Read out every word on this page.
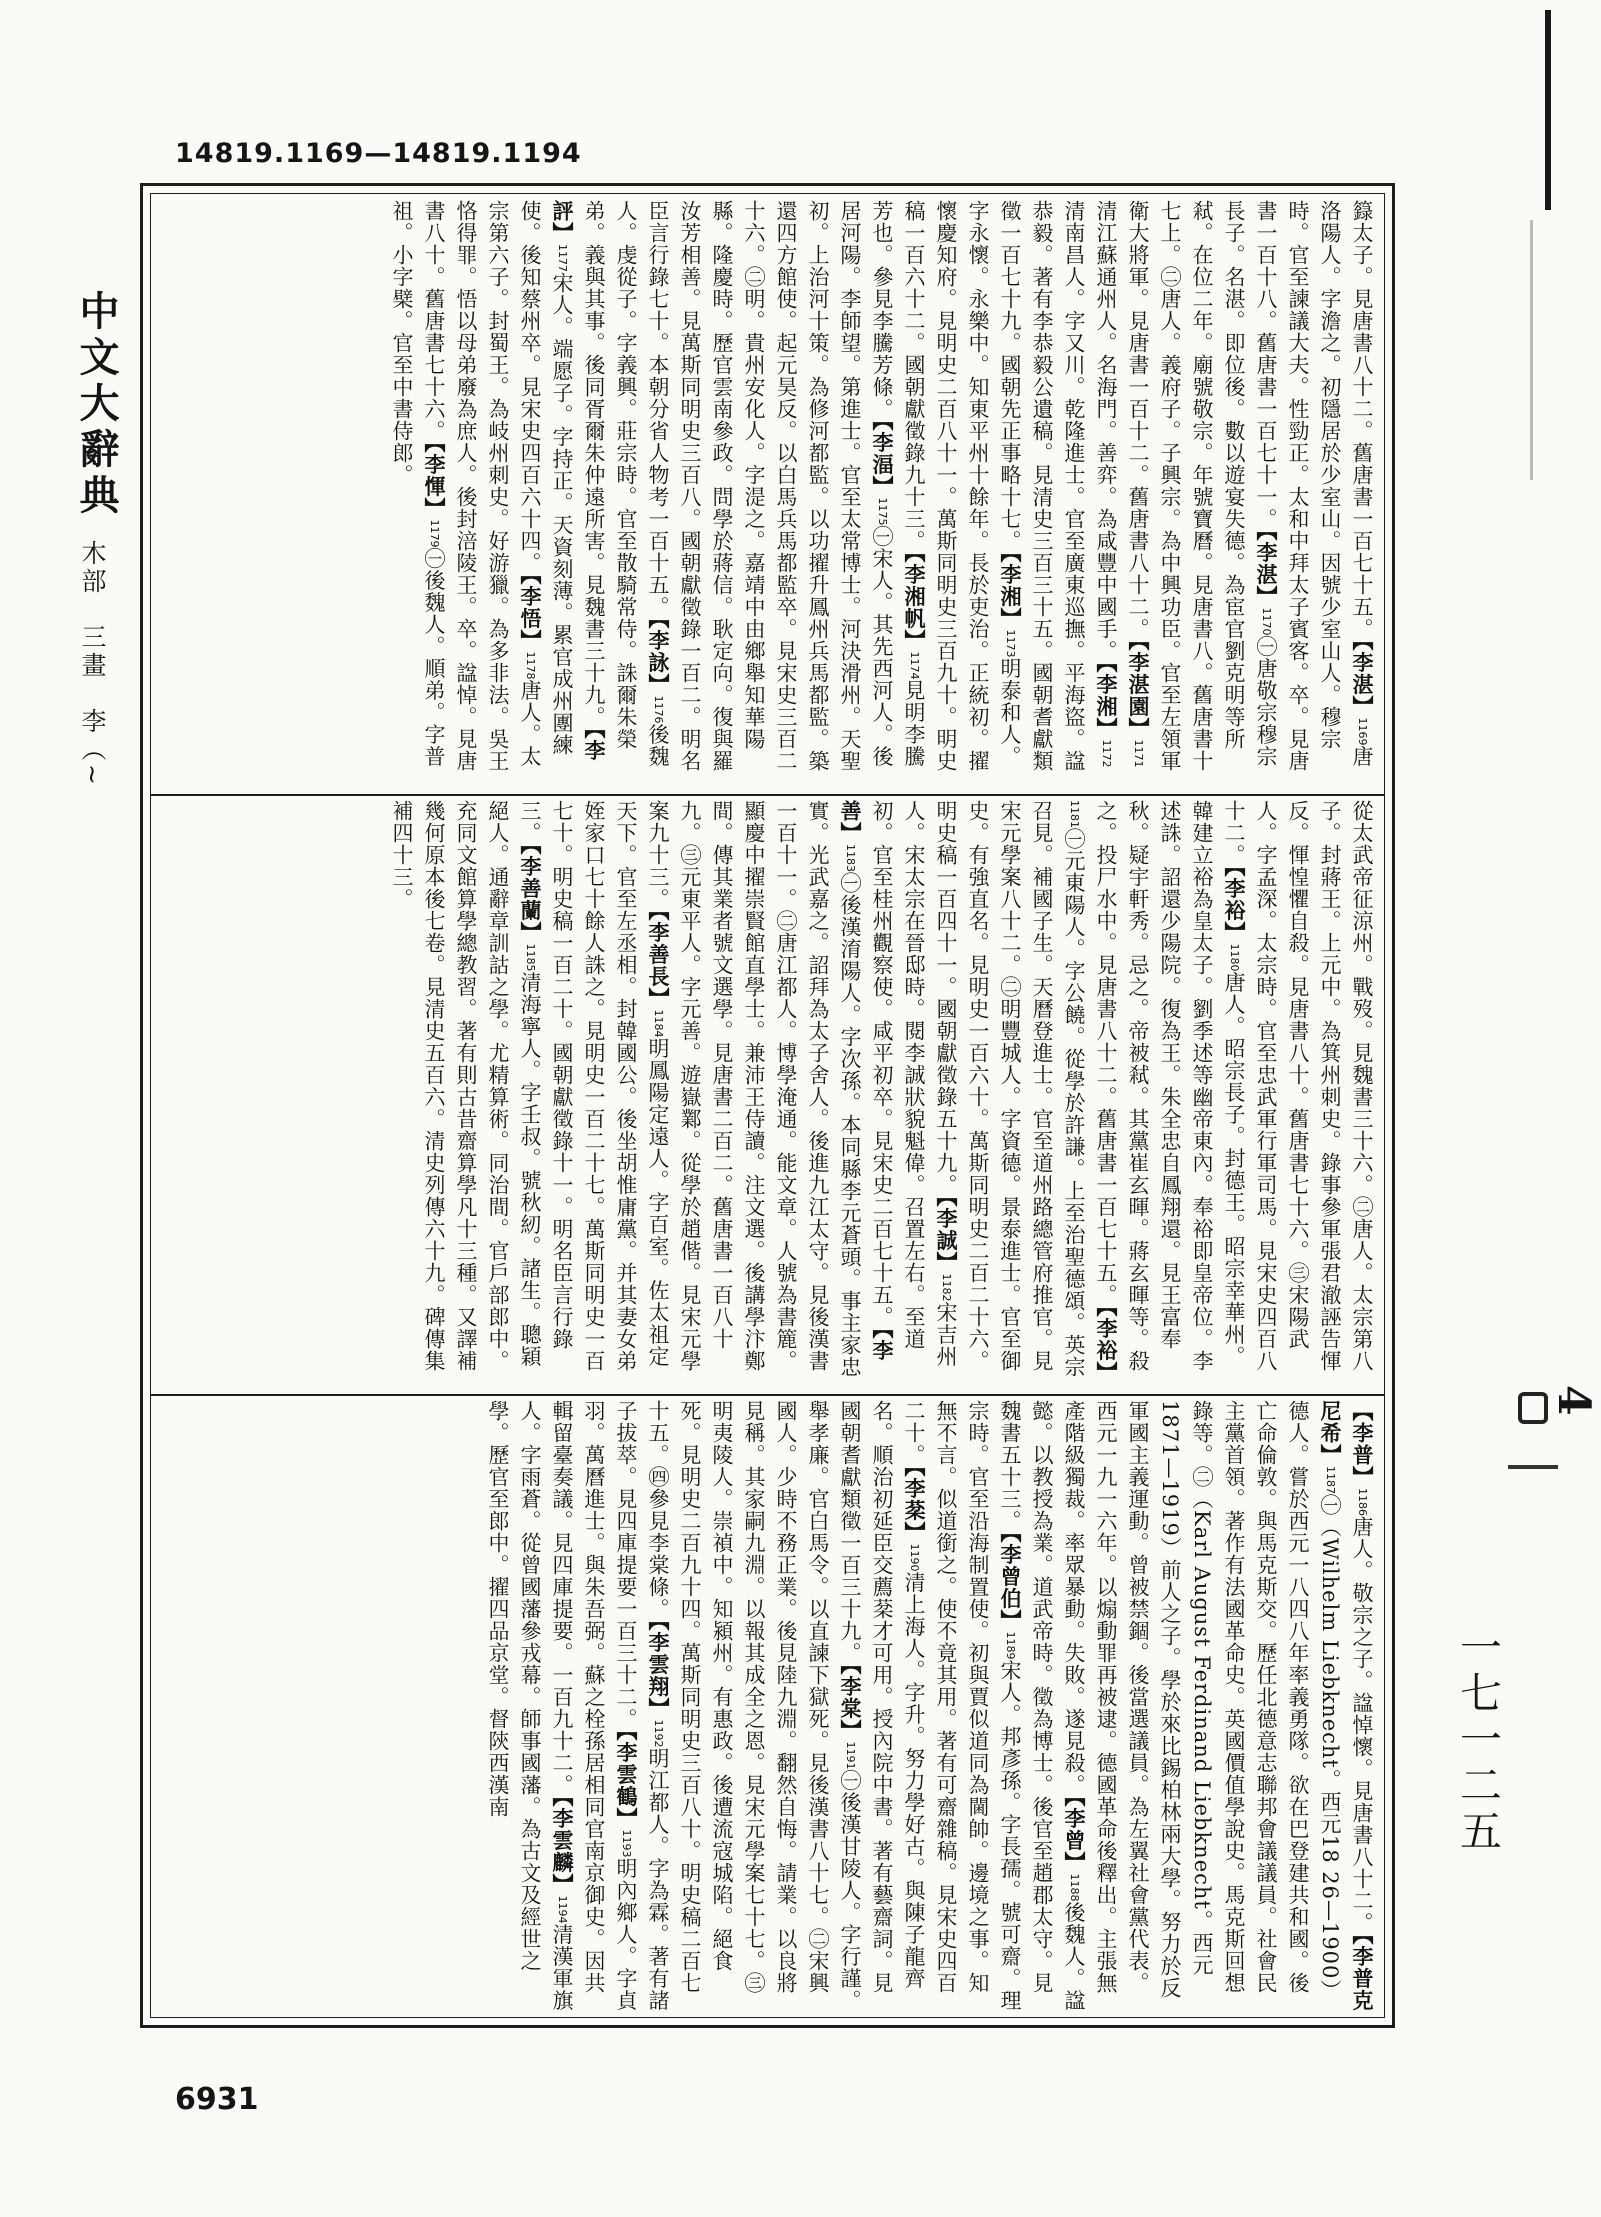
14819.1169—14819.1194
中文大辭典
木部　三畫　李（∼
一七一二五
4
籙太子。見唐書八十二。舊唐書一百七十五。【李湛】1169唐洛陽人。字澹之。初隱居於少室山。因號少室山人。穆宗時。官至諫議大夫。性勁正。太和中拜太子賓客。卒。見唐書一百十八。舊唐書一百七十一。【李湛】1170㊀唐敬宗穆宗長子。名湛。即位後。數以遊宴失德。為宦官劉克明等所弒。在位二年。廟號敬宗。年號寶曆。見唐書八。舊唐書十七上。㊁唐人。義府子。子興宗。為中興功臣。官至左領軍衛大將軍。見唐書一百十二。舊唐書八十二。【李湛園】1171清江蘇通州人。名海門。善弈。為咸豐中國手。【李湘】1172清南昌人。字又川。乾隆進士。官至廣東巡撫。平海盜。諡恭毅。著有李恭毅公遺稿。見清史三百三十五。國朝耆獻類徵一百七十九。國朝先正事略十七。【李湘】1173明泰和人。字永懷。永樂中。知東平州十餘年。長於吏治。正統初。擢懷慶知府。見明史二百八十一。萬斯同明史三百九十。明史稿一百六十二。國朝獻徵錄九十三。【李湘帆】1174見明李騰芳也。參見李騰芳條。【李湢】1175㊀宋人。其先西河人。後居河陽。李師望。第進士。官至太常博士。河決滑州。天聖初。上治河十策。為修河都監。以功擢升鳳州兵馬都監。築還四方館使。起元昊反。以白馬兵馬都監卒。見宋史三百二十六。㊁明。貴州安化人。字湜之。嘉靖中由鄉舉知華陽縣。隆慶時。歷官雲南參政。問學於蔣信。耿定向。復與羅汝芳相善。見萬斯同明史三百八。國朝獻徵錄一百二。明名臣言行錄七十。本朝分省人物考一百十五。【李詠】1176後魏人。虔從子。字義興。莊宗時。官至散騎常侍。誅爾朱榮弟。義與其事。後同胥爾朱仲遠所害。見魏書三十九。【李評】1177宋人。端愿子。字持正。天資刻薄。累官成州團練使。後知蔡州卒。見宋史四百六十四。【李悟】1178唐人。太宗第六子。封蜀王。為岐州刺史。好游獵。為多非法。吳王恪得罪。悟以母弟廢為庶人。後封涪陵王。卒。諡悼。見唐書八十。舊唐書七十六。【李惲】1179㊀後魏人。順弟。字普祖。小字檗。官至中書侍郎。
從太武帝征涼州。戰歿。見魏書三十六。㊁唐人。太宗第八子。封蔣王。上元中。為箕州刺史。錄事參軍張君澈誣告惲反。惲惶懼自殺。見唐書八十。舊唐書七十六。㊂宋陽武人。字孟深。太宗時。官至忠武軍行軍司馬。見宋史四百八十二。【李裕】1180唐人。昭宗長子。封德王。昭宗幸華州。韓建立裕為皇太子。劉季述等幽帝東內。奉裕即皇帝位。李述誅。詔還少陽院。復為王。朱全忠自鳳翔還。見王富奉秋。疑宇軒秀。忌之。帝被弒。其黨崔玄暉。蔣玄暉等。殺之。投尸水中。見唐書八十二。舊唐書一百七十五。【李裕】1181㊀元東陽人。字公饒。從學於許謙。上至治聖德頌。英宗召見。補國子生。天曆登進士。官至道州路總管府推官。見宋元學案八十二。㊁明豐城人。字資德。景泰進士。官至御史。有強直名。見明史一百六十。萬斯同明史二百二十六。明史稿一百四十一。國朝獻徵錄五十九。【李誠】1182宋吉州人。宋太宗在晉邸時。閱李誠狀貌魁偉。召置左右。至道初。官至桂州觀察使。咸平初卒。見宋史二百七十五。【李善】1183㊀後漢淯陽人。字次孫。本同縣李元蒼頭。事主家忠實。光武嘉之。詔拜為太子舍人。後進九江太守。見後漢書一百十一。㊁唐江都人。博學淹通。能文章。人號為書簏。顯慶中擢崇賢館直學士。兼沛王侍讀。注文選。後講學汴鄭間。傳其業者號文選學。見唐書二百二。舊唐書一百八十九。㊂元東平人。字元善。遊嶽鄴。從學於趙偕。見宋元學案九十三。【李善長】1184明鳳陽定遠人。字百室。佐太祖定天下。官至左丞相。封韓國公。後坐胡惟庸黨。并其妻女弟姪家口七十餘人誅之。見明史一百二十七。萬斯同明史一百七十。明史稿一百二十。國朝獻徵錄十一。明名臣言行錄三。【李善蘭】1185清海寧人。字壬叔。號秋紉。諸生。聰穎絕人。通辭章訓詁之學。尤精算術。同治間。官戶部郎中。充同文館算學總教習。著有則古昔齋算學凡十三種。又譯補幾何原本後七卷。見清史五百六。清史列傳六十九。碑傳集補四十三。
【李普】1186唐人。敬宗之子。諡悼懷。見唐書八十二。【李普克尼希】1187㊀（Wilhelm Liebknecht。西元18 26—1900）德人。嘗於西元一八四八年率義勇隊。欲在巴登建共和國。後亡命倫敦。與馬克斯交。歷任北德意志聯邦會議議員。社會民主黨首領。著作有法國革命史。英國價值學說史。馬克斯回想錄等。㊁（Karl August Ferdinand Liebknecht。西元1871—1919）前人之子。學於來比錫柏林兩大學。努力於反軍國主義運動。曾被禁錮。後當選議員。為左翼社會黨代表。西元一九一六年。以煽動罪再被逮。德國革命後釋出。主張無產階級獨裁。率眾暴動。失敗。遂見殺。【李曾】1188後魏人。諡懿。以教授為業。道武帝時。徵為博士。後官至趙郡太守。見魏書五十三。【李曾伯】1189宋人。邦彥孫。字長孺。號可齋。理宗時。官至沿海制置使。初與賈似道同為閫帥。邊境之事。知無不言。似道銜之。使不竟其用。著有可齋雜稿。見宋史四百二十。【李棻】1190清上海人。字升。努力學好古。與陳子龍齊名。順治初延臣交薦棻才可用。授內院中書。著有藝齋詞。見國朝耆獻類徵一百三十九。【李棠】1191㊀後漢甘陵人。字行謹。舉孝廉。官白馬令。以直諫下獄死。見後漢書八十七。㊁宋興國人。少時不務正業。後見陸九淵。翻然自悔。請業。以良將見稱。其家嗣九淵。以報其成全之恩。見宋元學案七十七。㊂明夷陵人。崇禎中。知潁州。有惠政。後遭流寇城陷。絕食死。見明史二百九十四。萬斯同明史三百八十。明史稿二百七十五。㊃參見李棠條。【李雲翔】1192明江都人。字為霖。著有諸子拔萃。見四庫提要一百三十二。【李雲鶴】1193明內鄉人。字貞羽。萬曆進士。與朱吾弼。蘇之栓孫居相同官南京御史。因共輯留臺奏議。見四庫提要。一百九十二。【李雲麟】1194清漢軍旗人。字雨蒼。從曾國藩參戎幕。師事國藩。為古文及經世之學。歷官至郎中。擢四品京堂。督陝西漢南
6931
